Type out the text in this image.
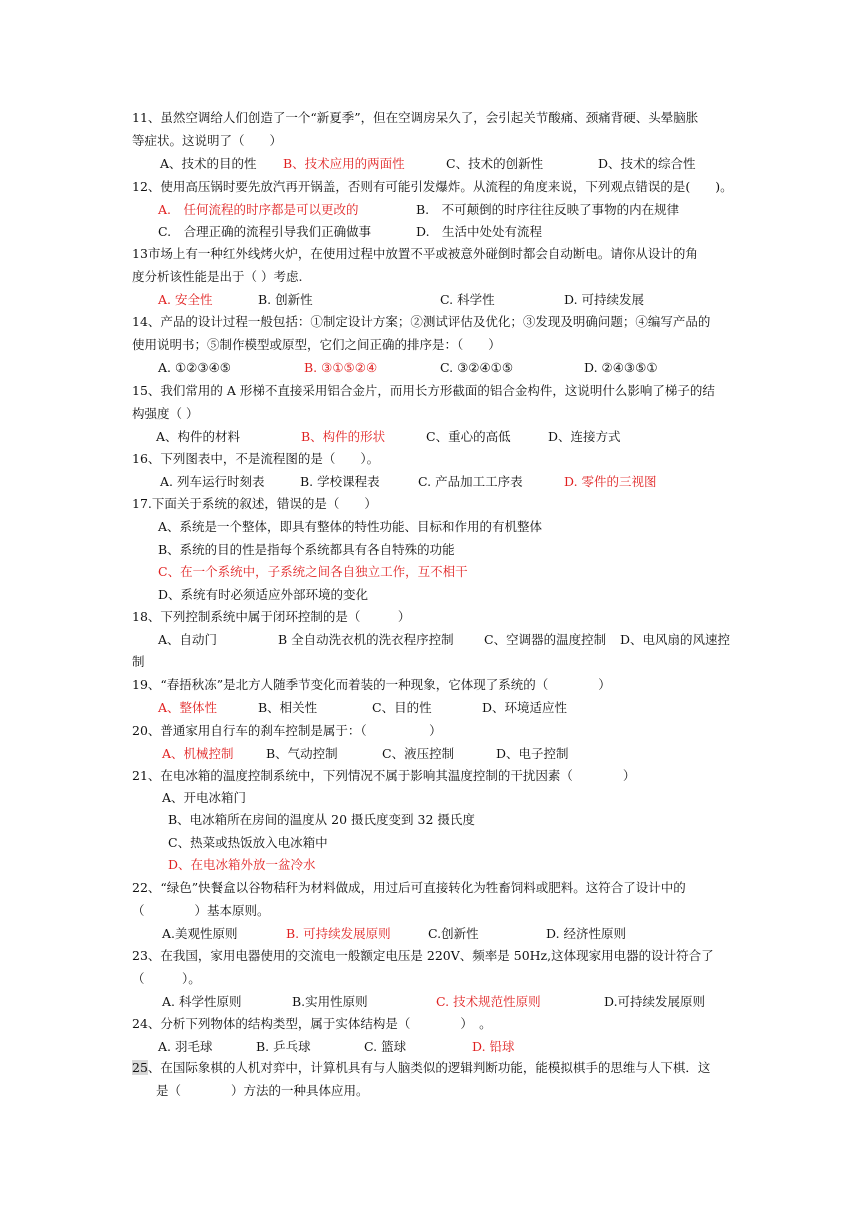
11、虽然空调给人们创造了一个“新夏季”，但在空调房呆久了，会引起关节酸痛、颈痛背硬、头晕脑胀
等症状。这说明了（　　）
A、技术的目的性 B、技术应用的两面性	C、技术的创新性	D、技术的综合性
12、使用高压锅时要先放汽再开锅盖，否则有可能引发爆炸。从流程的角度来说，下列观点错误的是(　　)。
A.　任何流程的时序都是可以更改的	B.　不可颠倒的时序往往反映了事物的内在规律
C.　合理正确的流程引导我们正确做事	D.　生活中处处有流程
13市场上有一种红外线烤火炉，在使用过程中放置不平或被意外碰倒时都会自动断电。请你从设计的角
度分析该性能是出于（ ）考虑.
A. 安全性	B. 创新性	C. 科学性	D. 可持续发展
14、产品的设计过程一般包括：①制定设计方案；②测试评估及优化；③发现及明确问题；④编写产品的
使用说明书；⑤制作模型或原型，它们之间正确的排序是：（　　）
A. ①②③④⑤	B. ③①⑤②④	C. ③②④①⑤	D. ②④③⑤①
15、我们常用的 A 形梯不直接采用铝合金片，而用长方形截面的铝合金构件，这说明什么影响了梯子的结
构强度（ ）
A、构件的材料	B、构件的形状	C、重心的高低	D、连接方式
16、下列图表中，不是流程图的是（　　）。
A. 列车运行时刻表	B. 学校课程表	C. 产品加工工序表	D. 零件的三视图
17.下面关于系统的叙述，错误的是（　　）
A、系统是一个整体，即具有整体的特性功能、目标和作用的有机整体
B、系统的目的性是指每个系统都具有各自特殊的功能
C、在一个系统中，子系统之间各自独立工作，互不相干
D、系统有时必须适应外部环境的变化
18、下列控制系统中属于闭环控制的是（　　　）
A、自动门	B 全自动洗衣机的洗衣程序控制 C、空调器的温度控制 D、电风扇的风速控
制
19、“春捂秋冻”是北方人随季节变化而着装的一种现象，它体现了系统的（　　　　）
A、整体性	B、相关性	C、目的性	D、环境适应性
20、普通家用自行车的刹车控制是属于：（　　　　　）
A、机械控制	B、气动控制	C、液压控制	D、电子控制
21、在电冰箱的温度控制系统中，下列情况不属于影响其温度控制的干扰因素（　　　　）
A、开电冰箱门
B、电冰箱所在房间的温度从 20 摄氏度变到 32 摄氏度
C、热菜或热饭放入电冰箱中
D、在电冰箱外放一盆冷水
22、“绿色”快餐盒以谷物秸秆为材料做成，用过后可直接转化为牲畜饲料或肥料。这符合了设计中的
（　　　　）基本原则。
A.美观性原则	B. 可持续发展原则	C.创新性	D. 经济性原则
23、在我国，家用电器使用的交流电一般额定电压是 220V、频率是 50Hz,这体现家用电器的设计符合了
（　　　）。
A. 科学性原则	B.实用性原则	C. 技术规范性原则	D.可持续发展原则
24、分析下列物体的结构类型，属于实体结构是（　　　　）　。
A. 羽毛球	B. 乒乓球	C. 篮球	D. 铅球
25、在国际象棋的人机对弈中，计算机具有与人脑类似的逻辑判断功能，能模拟棋手的思维与人下棋．这
是（　　　　）方法的一种具体应用。
